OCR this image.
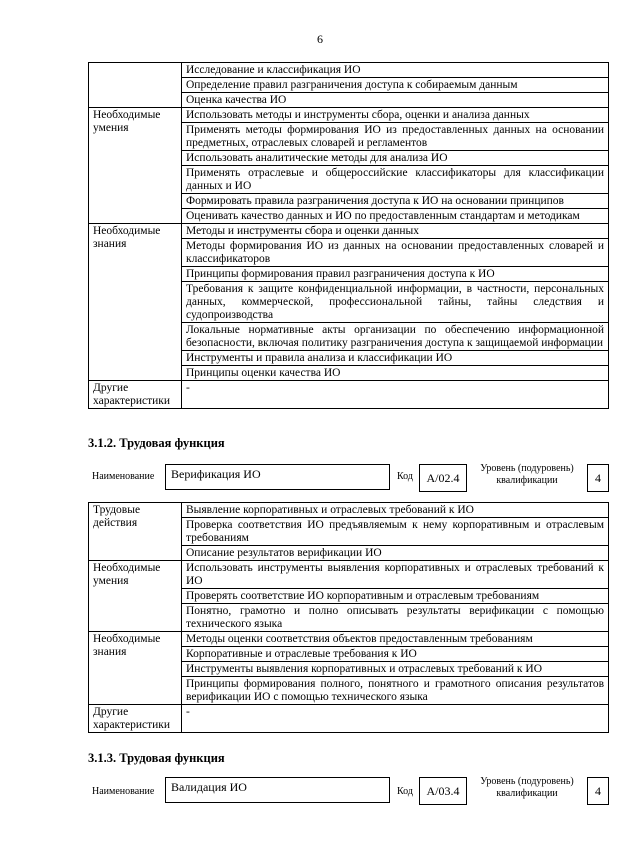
6
	Исследование и классификация ИО
	Определение правил разграничения доступа к собираемым данным
	Оценка качества ИО
Необходимые умения	Использовать методы и инструменты сбора, оценки и анализа данных
	Применять методы формирования ИО из предоставленных данных на основании предметных, отраслевых словарей и регламентов
	Использовать аналитические методы для анализа ИО
	Применять отраслевые и общероссийские классификаторы для классификации данных и ИО
	Формировать правила разграничения доступа к ИО на основании принципов
	Оценивать качество данных и ИО по предоставленным стандартам и методикам
Необходимые знания	Методы и инструменты сбора и оценки данных
	Методы формирования ИО из данных на основании предоставленных словарей и классификаторов
	Принципы формирования правил разграничения доступа к ИО
	Требования к защите конфиденциальной информации, в частности, персональных данных, коммерческой, профессиональной тайны, тайны следствия и судопроизводства
	Локальные нормативные акты организации по обеспечению информационной безопасности, включая политику разграничения доступа к защищаемой информации
	Инструменты и правила анализа и классификации ИО
	Принципы оценки качества ИО
Другие характеристики	-
3.1.2. Трудовая функция
Наименование	Верификация ИО	Код	A/02.4
Уровень (подуровень) квалификации	4
Трудовые действия	Выявление корпоративных и отраслевых требований к ИО
	Проверка соответствия ИО предъявляемым к нему корпоративным и отраслевым требованиям
	Описание результатов верификации ИО
Необходимые умения	Использовать инструменты выявления корпоративных и отраслевых требований к ИО
	Проверять соответствие ИО корпоративным и отраслевым требованиям
	Понятно, грамотно и полно описывать результаты верификации с помощью технического языка
Необходимые знания	Методы оценки соответствия объектов предоставленным требованиям
	Корпоративные и отраслевые требования к ИО
	Инструменты выявления корпоративных и отраслевых требований к ИО
	Принципы формирования полного, понятного и грамотного описания результатов верификации ИО с помощью технического языка
Другие характеристики	-
3.1.3. Трудовая функция
Наименование	Валидация ИО	Код	A/03.4
Уровень (подуровень) квалификации	4
